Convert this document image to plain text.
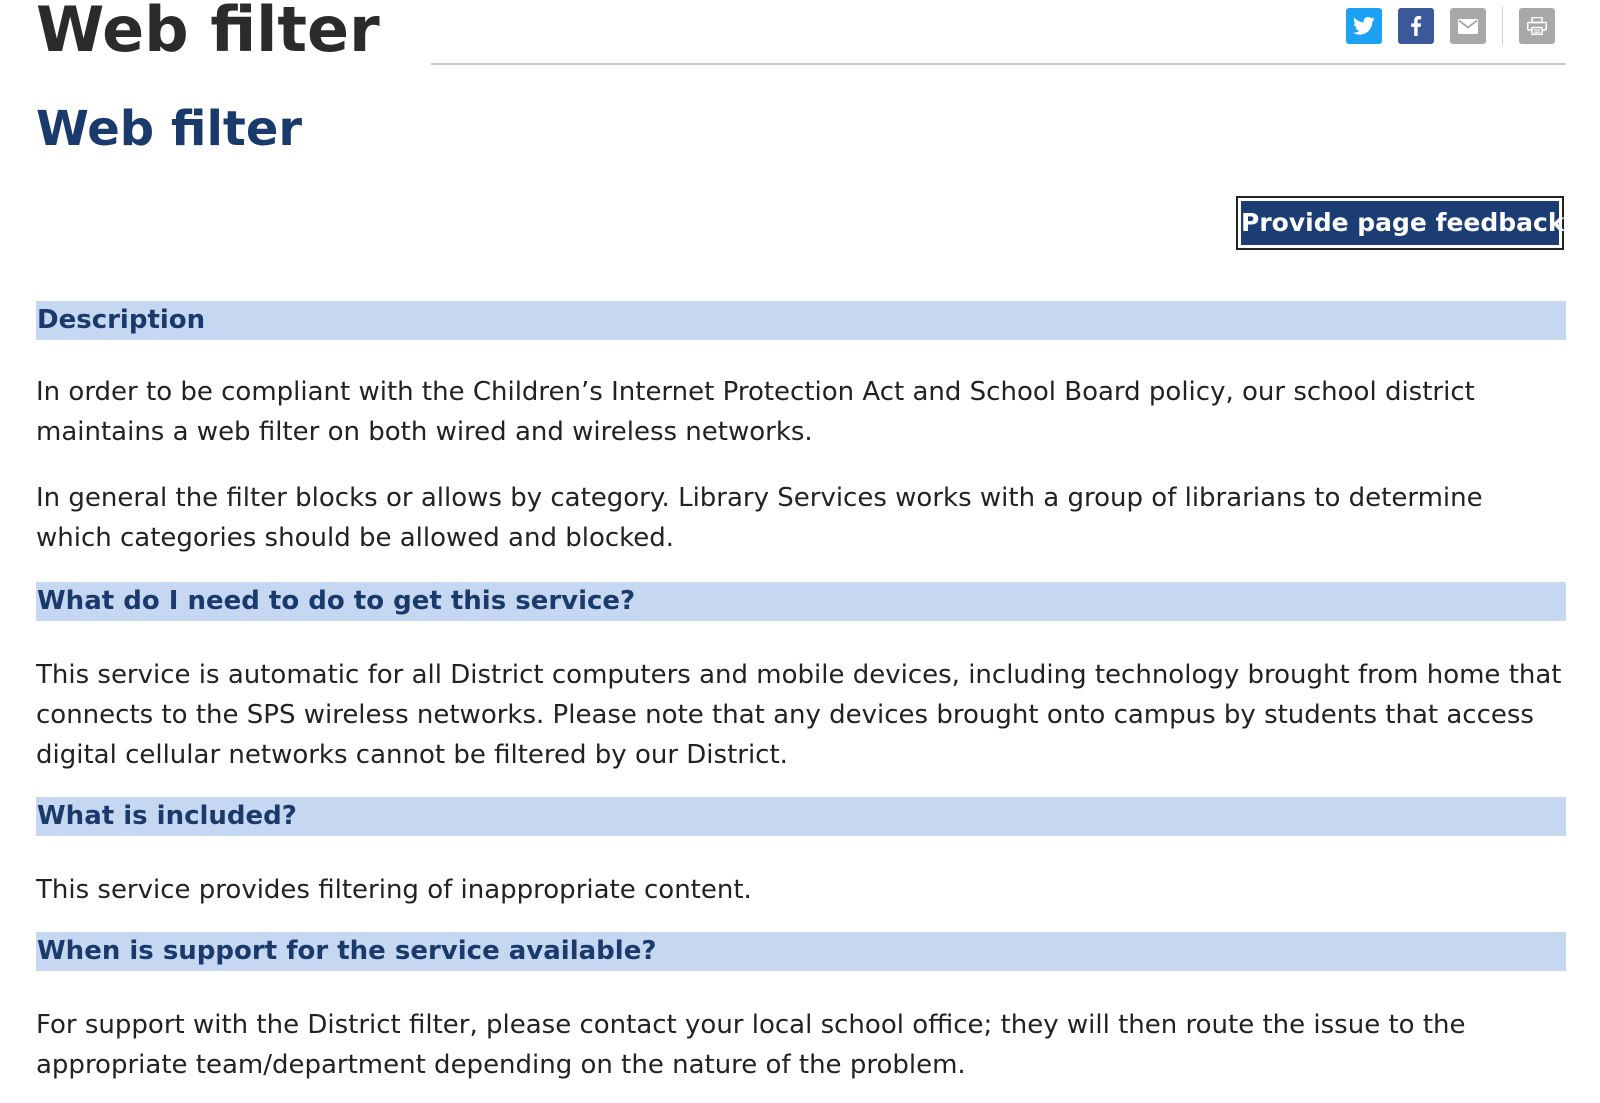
Web filter
Web filter
Provide page feedback
Description

In order to be compliant with the Children’s Internet Protection Act and School Board policy, our school district maintains a web filter on both wired and wireless networks.

In general the filter blocks or allows by category. Library Services works with a group of librarians to determine which categories should be allowed and blocked.

What do I need to do to get this service?

This service is automatic for all District computers and mobile devices, including technology brought from home that connects to the SPS wireless networks. Please note that any devices brought onto campus by students that access digital cellular networks cannot be filtered by our District.

What is included?

This service provides filtering of inappropriate content.

When is support for the service available?

For support with the District filter, please contact your local school office; they will then route the issue to the appropriate team/department depending on the nature of the problem.
